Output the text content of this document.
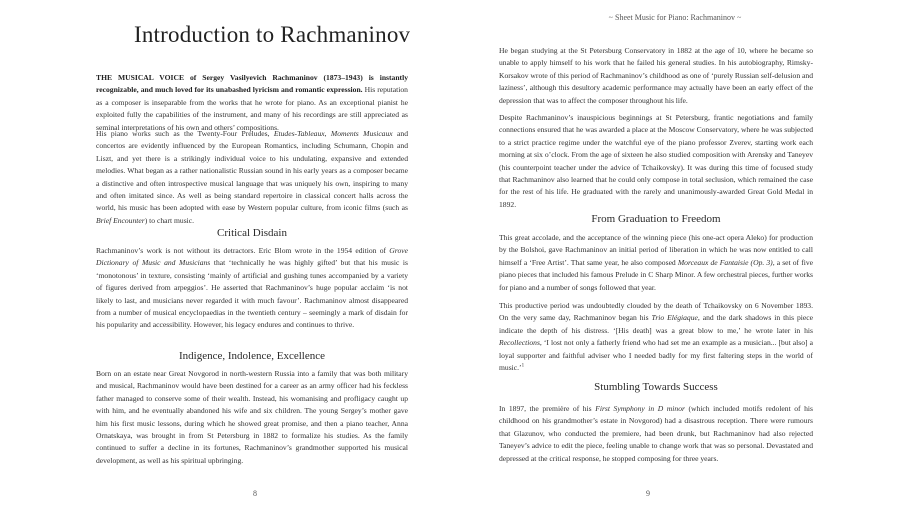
Introduction to Rachmaninov

THE MUSICAL VOICE of Sergey Vasilyevich Rachmaninov (1873–1943) is instantly recognizable, and much loved for its unabashed lyricism and romantic expression. His reputation as a composer is inseparable from the works that he wrote for piano. As an exceptional pianist he exploited fully the capabilities of the instrument, and many of his recordings are still appreciated as seminal interpretations of his own and others’ compositions.

His piano works such as the Twenty-Four Preludes, Etudes-Tableaux, Moments Musicaux and concertos are evidently influenced by the European Romantics, including Schumann, Chopin and Liszt, and yet there is a strikingly individual voice to his undulating, expansive and extended melodies. What began as a rather nationalistic Russian sound in his early years as a composer became a distinctive and often introspective musical language that was uniquely his own, inspiring to many and often imitated since. As well as being standard repertoire in classical concert halls across the world, his music has been adopted with ease by Western popular culture, from iconic films (such as Brief Encounter) to chart music.

Critical Disdain

Rachmaninov’s work is not without its detractors. Eric Blom wrote in the 1954 edition of Grove Dictionary of Music and Musicians that ‘technically he was highly gifted’ but that his music is ‘monotonous’ in texture, consisting ‘mainly of artificial and gushing tunes accompanied by a variety of figures derived from arpeggios’. He asserted that Rachmaninov’s huge popular acclaim ‘is not likely to last, and musicians never regarded it with much favour’. Rachmaninov almost disappeared from a number of musical encyclopaedias in the twentieth century – seemingly a mark of disdain for his popularity and accessibility. However, his legacy endures and continues to thrive.

Indigence, Indolence, Excellence

Born on an estate near Great Novgorod in north-western Russia into a family that was both military and musical, Rachmaninov would have been destined for a career as an army officer had his feckless father managed to conserve some of their wealth. Instead, his womanising and profligacy caught up with him, and he eventually abandoned his wife and six children. The young Sergey’s mother gave him his first music lessons, during which he showed great promise, and then a piano teacher, Anna Ornatskaya, was brought in from St Petersburg in 1882 to formalize his studies. As the family continued to suffer a decline in its fortunes, Rachmaninov’s grandmother supported his musical development, as well as his spiritual upbringing.

8
~ Sheet Music for Piano: Rachmaninov ~

He began studying at the St Petersburg Conservatory in 1882 at the age of 10, where he became so unable to apply himself to his work that he failed his general studies. In his autobiography, Rimsky-Korsakov wrote of this period of Rachmaninov’s childhood as one of ‘purely Russian self-delusion and laziness’, although this desultory academic performance may actually have been an early effect of the depression that was to affect the composer throughout his life.

Despite Rachmaninov’s inauspicious beginnings at St Petersburg, frantic negotiations and family connections ensured that he was awarded a place at the Moscow Conservatory, where he was subjected to a strict practice regime under the watchful eye of the piano professor Zverev, starting work each morning at six o’clock. From the age of sixteen he also studied composition with Arensky and Taneyev (his counterpoint teacher under the advice of Tchaikovsky). It was during this time of focused study that Rachmaninov also learned that he could only compose in total seclusion, which remained the case for the rest of his life. He graduated with the rarely and unanimously-awarded Great Gold Medal in 1892.

From Graduation to Freedom

This great accolade, and the acceptance of the winning piece (his one-act opera Aleko) for production by the Bolshoi, gave Rachmaninov an initial period of liberation in which he was now entitled to call himself a ‘Free Artist’. That same year, he also composed Morceaux de Fantaisie (Op. 3), a set of five piano pieces that included his famous Prelude in C Sharp Minor. A few orchestral pieces, further works for piano and a number of songs followed that year.

This productive period was undoubtedly clouded by the death of Tchaikovsky on 6 November 1893. On the very same day, Rachmaninov began his Trio Elégiaque, and the dark shadows in this piece indicate the depth of his distress. ‘[His death] was a great blow to me,’ he wrote later in his Recollections, ‘I lost not only a fatherly friend who had set me an example as a musician... [but also] a loyal supporter and faithful adviser who I needed badly for my first faltering steps in the world of music.’$^1$

Stumbling Towards Success

In 1897, the première of his First Symphony in D minor (which included motifs redolent of his childhood on his grandmother’s estate in Novgorod) had a disastrous reception. There were rumours that Glazunov, who conducted the premiere, had been drunk, but Rachmaninov had also rejected Taneyev’s advice to edit the piece, feeling unable to change work that was so personal. Devastated and depressed at the critical response, he stopped composing for three years.

9
